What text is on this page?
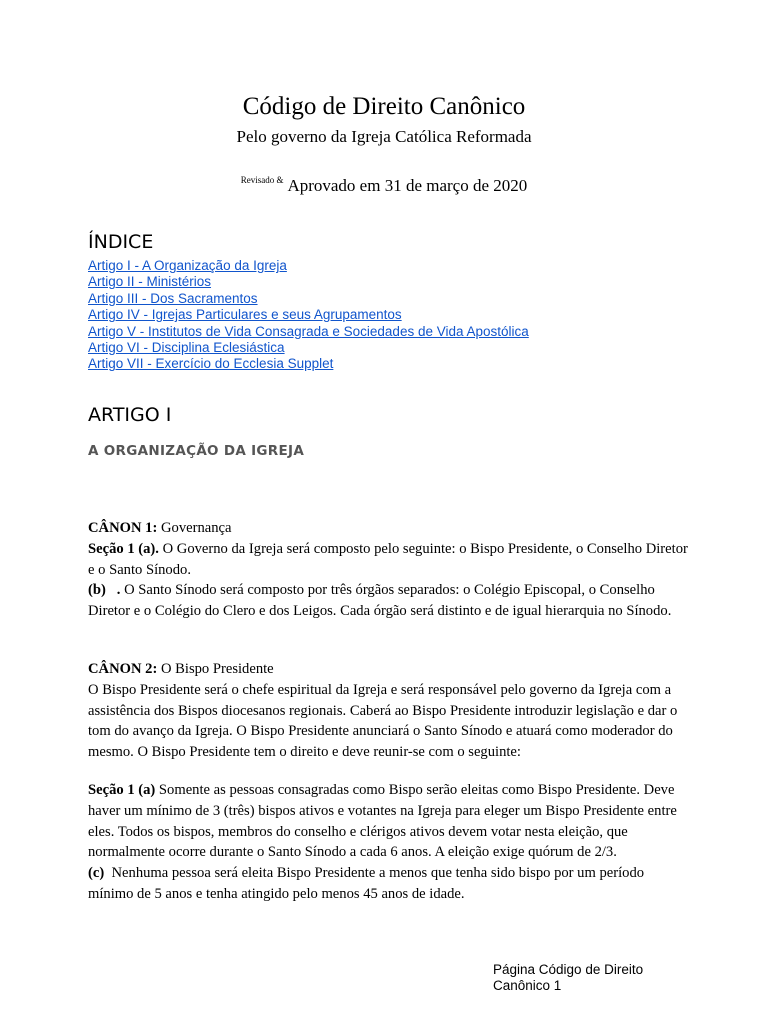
Código de Direito Canônico
Pelo governo da Igreja Católica Reformada
$^{Revisado \&}$ Aprovado em 31 de março de 2020
ÍNDICE
Artigo I - A Organização da Igreja
Artigo II - Ministérios
Artigo III - Dos Sacramentos
Artigo IV - Igrejas Particulares e seus Agrupamentos
Artigo V - Institutos de Vida Consagrada e Sociedades de Vida Apostólica
Artigo VI - Disciplina Eclesiástica
Artigo VII - Exercício do Ecclesia Supplet
ARTIGO I
A ORGANIZAÇÃO DA IGREJA

CÂNON 1: Governança

Seção 1 (a). O Governo da Igreja será composto pelo seguinte: o Bispo Presidente, o Conselho Diretor e o Santo Sínodo.

(b)   . O Santo Sínodo será composto por três órgãos separados: o Colégio Episcopal, o Conselho Diretor e o Colégio do Clero e dos Leigos. Cada órgão será distinto e de igual hierarquia no Sínodo.

CÂNON 2: O Bispo Presidente

O Bispo Presidente será o chefe espiritual da Igreja e será responsável pelo governo da Igreja com a assistência dos Bispos diocesanos regionais. Caberá ao Bispo Presidente introduzir legislação e dar o tom do avanço da Igreja. O Bispo Presidente anunciará o Santo Sínodo e atuará como moderador do mesmo. O Bispo Presidente tem o direito e deve reunir-se com o seguinte:

Seção 1 (a) Somente as pessoas consagradas como Bispo serão eleitas como Bispo Presidente. Deve haver um mínimo de 3 (três) bispos ativos e votantes na Igreja para eleger um Bispo Presidente entre eles. Todos os bispos, membros do conselho e clérigos ativos devem votar nesta eleição, que normalmente ocorre durante o Santo Sínodo a cada 6 anos. A eleição exige quórum de 2/3.

(c)  Nenhuma pessoa será eleita Bispo Presidente a menos que tenha sido bispo por um período mínimo de 5 anos e tenha atingido pelo menos 45 anos de idade.

Página Código de Direito Canônico 1
